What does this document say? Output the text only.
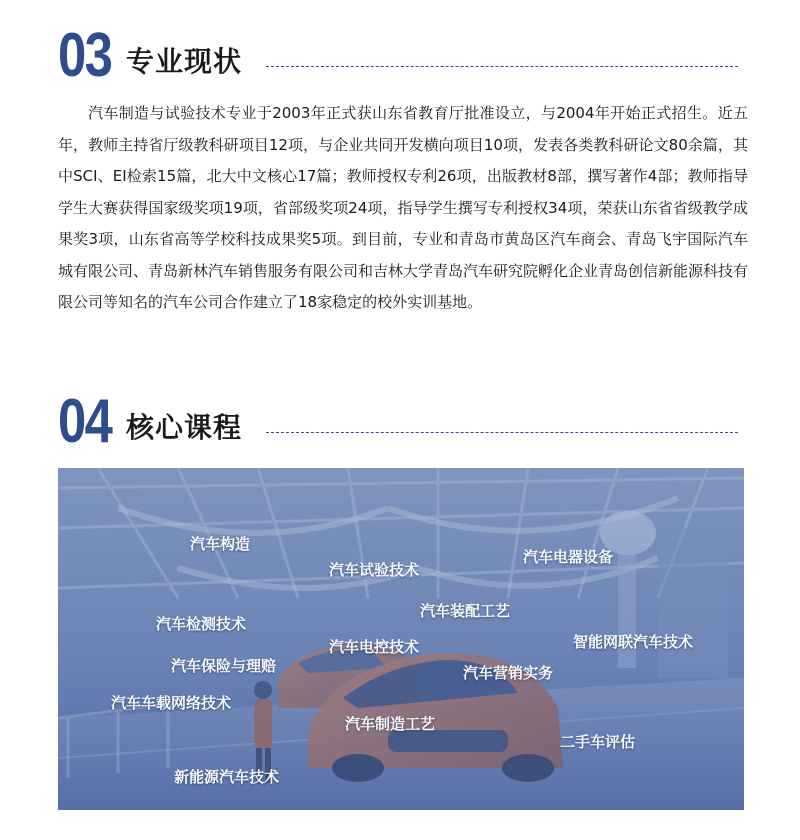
03 专业现状

汽车制造与试验技术专业于2003年正式获山东省教育厅批准设立，与2004年开始正式招生。近五年，教师主持省厅级教科研项目12项，与企业共同开发横向项目10项，发表各类教科研论文80余篇，其中SCI、EI检索15篇，北大中文核心17篇；教师授权专利26项，出版教材8部，撰写著作4部；教师指导学生大赛获得国家级奖项19项，省部级奖项24项，指导学生撰写专利授权34项，荣获山东省省级教学成果奖3项，山东省高等学校科技成果奖5项。到目前，专业和青岛市黄岛区汽车商会、青岛飞宇国际汽车城有限公司、青岛新林汽车销售服务有限公司和吉林大学青岛汽车研究院孵化企业青岛创信新能源科技有限公司等知名的汽车公司合作建立了18家稳定的校外实训基地。

04 核心课程
汽车构造
汽车试验技术
汽车电器设备
汽车装配工艺
汽车检测技术
汽车电控技术	智能网联汽车技术
汽车保险与理赔	汽车营销实务
汽车车载网络技术
汽车制造工艺
二手车评估
新能源汽车技术
